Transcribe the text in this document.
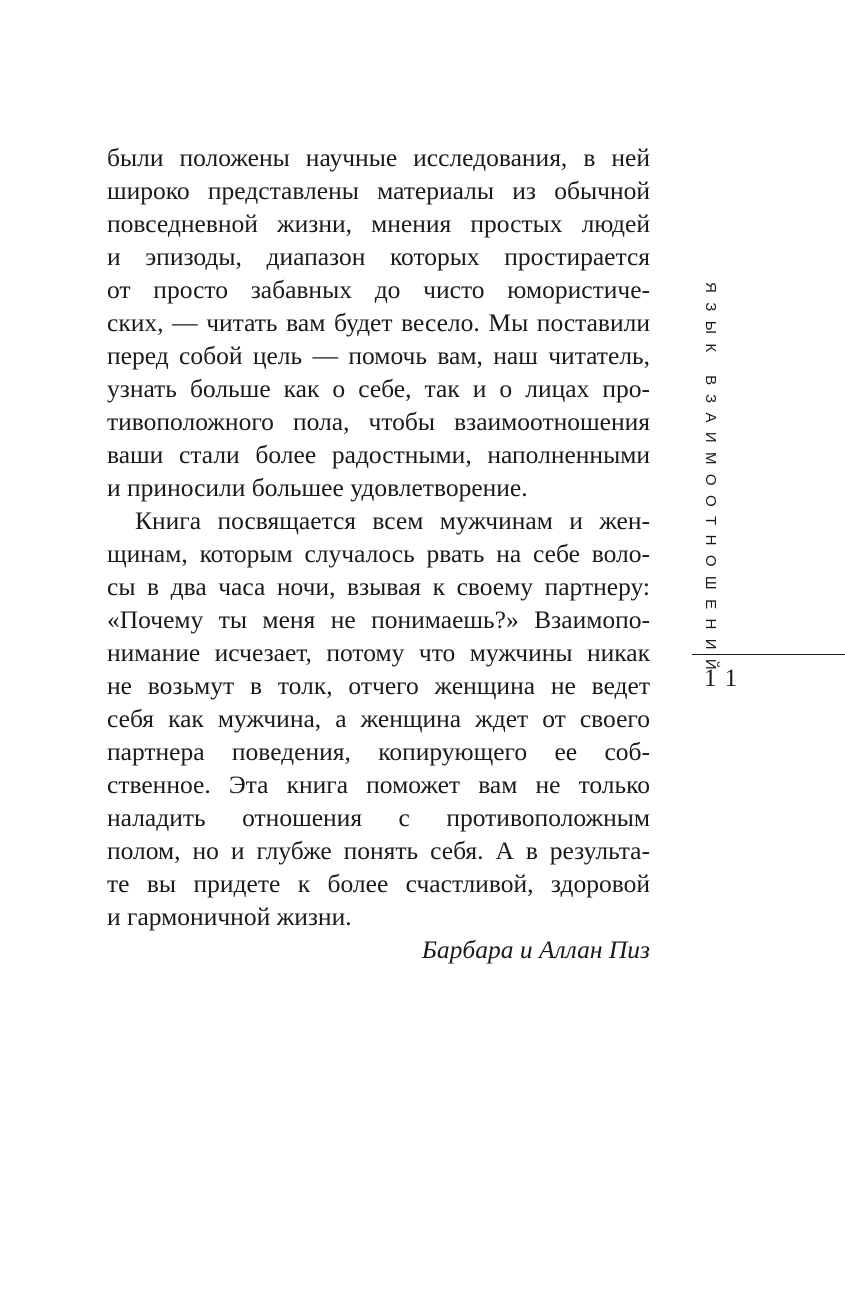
были положены научные исследования, в ней
широко представлены материалы из обычной
повседневной жизни, мнения простых людей
и эпизоды, диапазон которых простирается
от просто забавных до чисто юмористиче-
ских, — читать вам будет весело. Мы поставили
перед собой цель — помочь вам, наш читатель,
узнать больше как о себе, так и о лицах про-
тивоположного пола, чтобы взаимоотношения
ваши стали более радостными, наполненными
и приносили большее удовлетворение.
Книга посвящается всем мужчинам и жен-
щинам, которым случалось рвать на себе воло-
сы в два часа ночи, взывая к своему партнеру:
«Почему ты меня не понимаешь?» Взаимопо-
нимание исчезает, потому что мужчины никак
не возьмут в толк, отчего женщина не ведет
себя как мужчина, а женщина ждет от своего
партнера поведения, копирующего ее соб-
ственное. Эта книга поможет вам не только
наладить отношения с противоположным
полом, но и глубже понять себя. А в результа-
те вы придете к более счастливой, здоровой
и гармоничной жизни.
Барбара и Аллан Пиз
ЯЗЫК ВЗАИМООТНОШЕНИЙ
11
